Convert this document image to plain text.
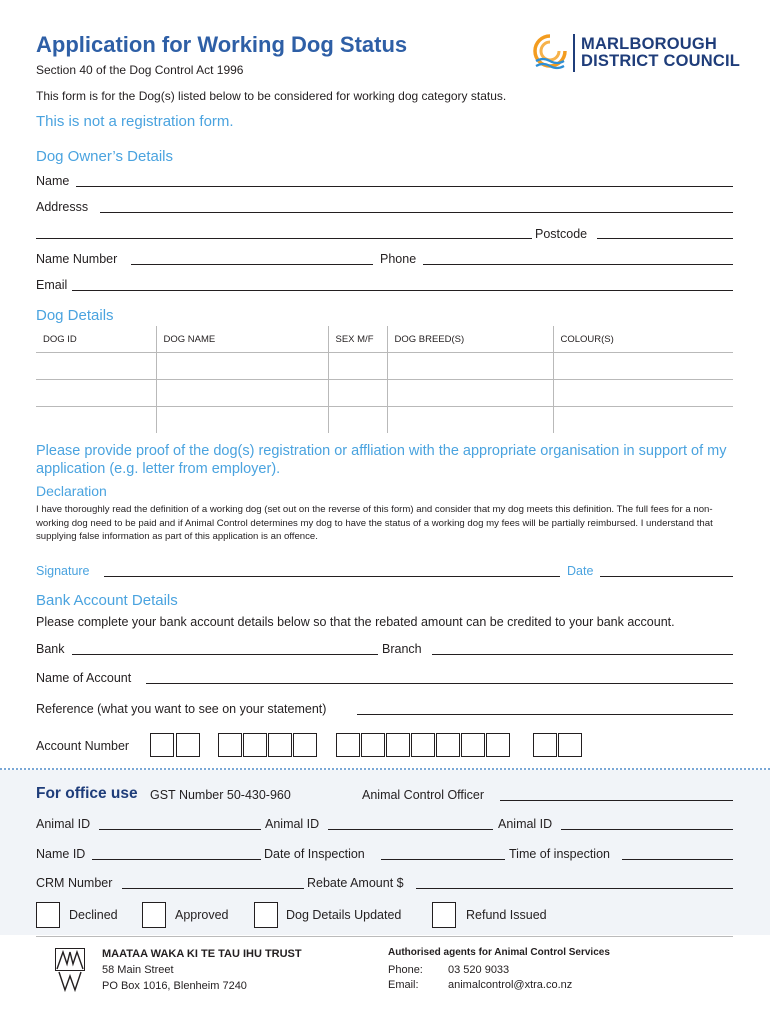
Application for Working Dog Status
Section 40 of the Dog Control Act 1996
This form is for the Dog(s) listed below to be considered for working dog category status.
This is not a registration form.
MARLBOROUGH
DISTRICT COUNCIL
Dog Owner’s Details
Name
Addresss
Postcode
Name Number	Phone
Email
Dog Details
DOG ID	DOG NAME	SEX M/F	DOG BREED(S)	COLOUR(S)

Please provide proof of the dog(s) registration or affliation with the appropriate organisation in support of my application (e.g. letter from employer).
Declaration
I have thoroughly read the definition of a working dog (set out on the reverse of this form) and consider that my dog meets this definition. The full fees for a non-working dog need to be paid and if Animal Control determines my dog to have the status of a working dog my fees will be partially reimbursed. I understand that supplying false information as part of this application is an offence.
Signature	Date
Bank Account Details
Please complete your bank account details below so that the rebated amount can be credited to your bank account.
Bank	Branch
Name of Account
Reference (what you want to see on your statement)
Account Number
For office use GST Number 50-430-960	Animal Control Officer
Animal ID	Animal ID	Animal ID
Name ID	Date of Inspection	Time of inspection
CRM Number	Rebate Amount $
Declined	Approved	Dog Details Updated	Refund Issued
MAATAA WAKA KI TE TAU IHU TRUST
58 Main Street
PO Box 1016, Blenheim 7240
Authorised agents for Animal Control Services
Phone: 03 520 9033
Email:	animalcontrol@xtra.co.nz
